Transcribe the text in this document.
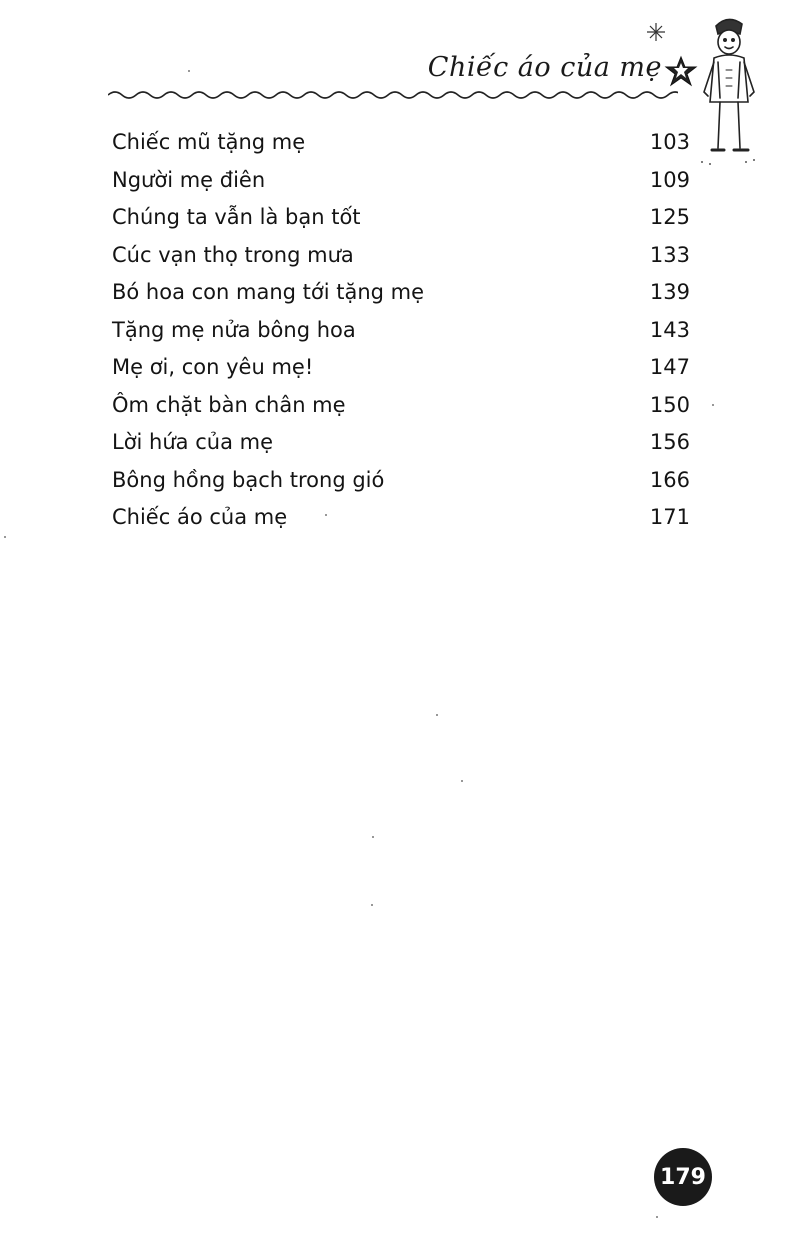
Chiếc áo của mẹ
Chiếc mũ tặng mẹ	103
Người mẹ điên	109
Chúng ta vẫn là bạn tốt	125
Cúc vạn thọ trong mưa	133
Bó hoa con mang tới tặng mẹ	139
Tặng mẹ nửa bông hoa	143
Mẹ ơi, con yêu mẹ!	147
Ôm chặt bàn chân mẹ	150
Lời hứa của mẹ	156
Bông hồng bạch trong gió	166
Chiếc áo của mẹ	171
179
